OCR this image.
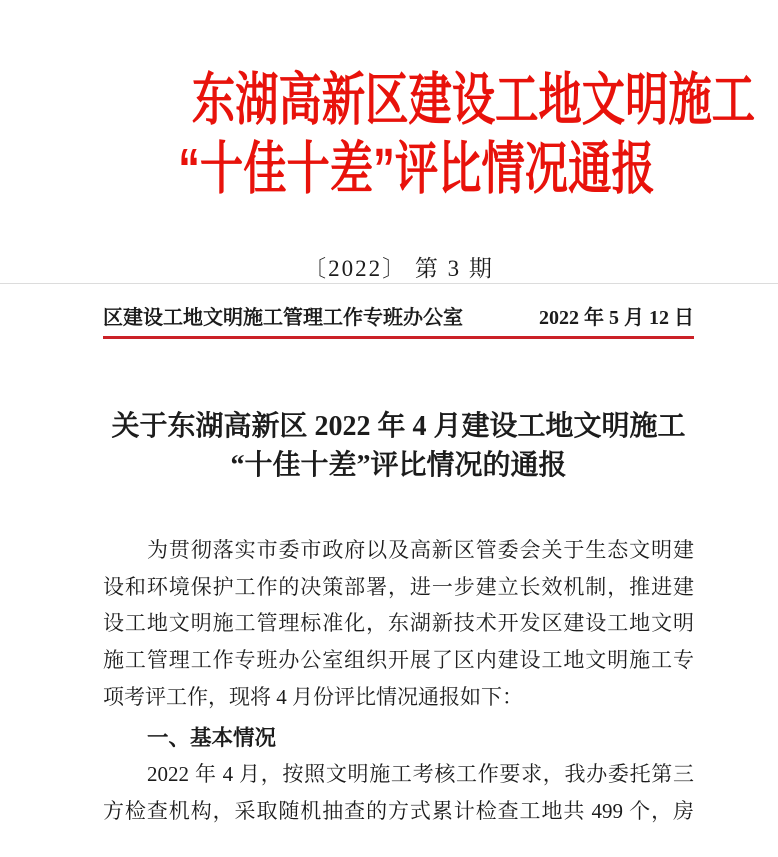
东湖高新区建设工地文明施工
“十佳十差”评比情况通报
〔2022〕 第 3 期
区建设工地文明施工管理工作专班办公室	2022 年 5 月 12 日
关于东湖高新区 2022 年 4 月建设工地文明施工
“十佳十差”评比情况的通报
为贯彻落实市委市政府以及高新区管委会关于生态文明建
设和环境保护工作的决策部署，进一步建立长效机制，推进建
设工地文明施工管理标准化，东湖新技术开发区建设工地文明
施工管理工作专班办公室组织开展了区内建设工地文明施工专
项考评工作，现将 4 月份评比情况通报如下：
一、基本情况
2022 年 4 月，按照文明施工考核工作要求，我办委托第三
方检查机构，采取随机抽查的方式累计检查工地共 499 个，房
